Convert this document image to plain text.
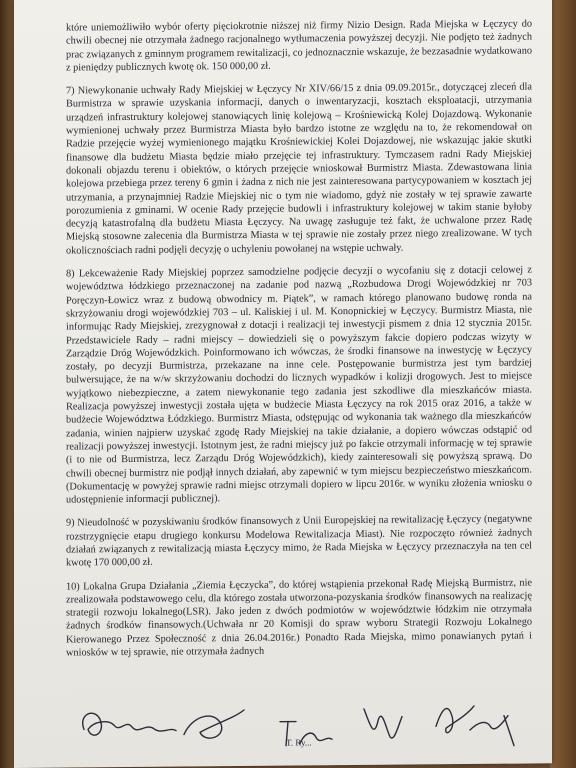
które uniemożliwiło wybór oferty pięciokrotnie niższej niż firmy Nizio Design. Rada Miejska w Łęczycy do chwili obecnej nie otrzymała żadnego racjonalnego wytłumaczenia powyższej decyzji. Nie podjęto też żadnych prac związanych z gminnym programem rewitalizacji, co jednoznacznie wskazuje, że bezzasadnie wydatkowano z pieniędzy publicznych kwotę ok. 150 000,00 zł.

7) Niewykonanie uchwały Rady Miejskiej w Łęczycy Nr XIV/66/15 z dnia 09.09.2015r., dotyczącej zleceń dla Burmistrza w sprawie uzyskania informacji, danych o inwentaryzacji, kosztach eksploatacji, utrzymania urządzeń infrastruktury kolejowej stanowiących linię kolejową – Krośniewicką Kolej Dojazdową. Wykonanie wymienionej uchwały przez Burmistrza Miasta było bardzo istotne ze względu na to, że rekomendował on Radzie przejęcie wyżej wymienionego majątku Krośniewickiej Kolei Dojazdowej, nie wskazując jakie skutki finansowe dla budżetu Miasta będzie miało przejęcie tej infrastruktury. Tymczasem radni Rady Miejskiej dokonali objazdu terenu i obiektów, o których przejęcie wnioskował Burmistrz Miasta. Zdewastowana linia kolejowa przebiega przez tereny 6 gmin i żadna z nich nie jest zainteresowana partycypowaniem w kosztach jej utrzymania, a przynajmniej Radzie Miejskiej nic o tym nie wiadomo, gdyż nie zostały w tej sprawie zawarte porozumienia z gminami. W ocenie Rady przejęcie budowli i infrastruktury kolejowej w takim stanie byłoby decyzją katastrofalną dla budżetu Miasta Łęczycy. Na uwagę zasługuje też fakt, że uchwalone przez Radę Miejską stosowne zalecenia dla Burmistrza Miasta w tej sprawie nie zostały przez niego zrealizowane. W tych okolicznościach radni podjęli decyzję o uchyleniu powołanej na wstępie uchwały.

8) Lekceważenie Rady Miejskiej poprzez samodzielne podjęcie decyzji o wycofaniu się z dotacji celowej z województwa łódzkiego przeznaczonej na zadanie pod nazwą „Rozbudowa Drogi Wojewódzkiej nr 703 Poręczyn-Łowicz wraz z budową obwodnicy m. Piątek”, w ramach którego planowano budowę ronda na skrzyżowaniu drogi wojewódzkiej 703 – ul. Kaliskiej i ul. M. Konopnickiej w Łęczycy. Burmistrz Miasta, nie informując Rady Miejskiej, zrezygnował z dotacji i realizacji tej inwestycji pismem z dnia 12 stycznia 2015r. Przedstawiciele Rady – radni miejscy – dowiedzieli się o powyższym fakcie dopiero podczas wizyty w Zarządzie Dróg Wojewódzkich. Poinformowano ich wówczas, że środki finansowe na inwestycję w Łęczycy zostały, po decyzji Burmistrza, przekazane na inne cele. Postępowanie burmistrza jest tym bardziej bulwersujące, że na w/w skrzyżowaniu dochodzi do licznych wypadków i kolizji drogowych. Jest to miejsce wyjątkowo niebezpieczne, a zatem niewykonanie tego zadania jest szkodliwe dla mieszkańców miasta. Realizacja powyższej inwestycji została ujęta w budżecie Miasta Łęczycy na rok 2015 oraz 2016, a także w budżecie Województwa Łódzkiego. Burmistrz Miasta, odstępując od wykonania tak ważnego dla mieszkańców zadania, winien najpierw uzyskać zgodę Rady Miejskiej na takie działanie, a dopiero wówczas odstąpić od realizacji powyższej inwestycji. Istotnym jest, że radni miejscy już po fakcie otrzymali informację w tej sprawie (i to nie od Burmistrza, lecz Zarządu Dróg Wojewódzkich), kiedy zainteresowali się powyższą sprawą. Do chwili obecnej burmistrz nie podjął innych działań, aby zapewnić w tym miejscu bezpieczeństwo mieszkańcom. (Dokumentację w powyżej sprawie radni miejsc otrzymali dopiero w lipcu 2016r. w wyniku złożenia wniosku o udostępnienie informacji publicznej).

9) Nieudolność w pozyskiwaniu środków finansowych z Unii Europejskiej na rewitalizację Łęczycy (negatywne rozstrzygnięcie etapu drugiego konkursu Modelowa Rewitalizacja Miast). Nie rozpoczęto również żadnych działań związanych z rewitalizacją miasta Łęczycy mimo, że Rada Miejska w Łęczycy przeznaczyła na ten cel kwotę 170 000,00 zł.

10) Lokalna Grupa Działania „Ziemia Łęczycka”, do której wstąpienia przekonał Radę Miejską Burmistrz, nie zrealizowała podstawowego celu, dla którego została utworzona-pozyskania środków finansowych na realizację strategii rozwoju lokalnego(LSR). Jako jeden z dwóch podmiotów w województwie łódzkim nie otrzymała żadnych środków finansowych.(Uchwała nr 20 Komisji do spraw wyboru Strategii Rozwoju Lokalnego Kierowanego Przez Społeczność z dnia 26.04.2016r.) Ponadto Rada Miejska, mimo ponawianych pytań i wniosków w tej sprawie, nie otrzymała żadnych

T. Ry...
